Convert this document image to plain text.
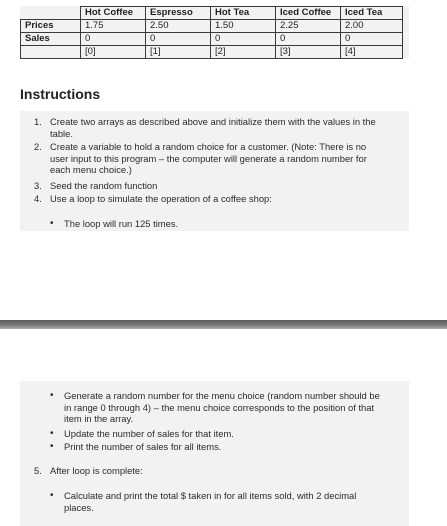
	Hot Coffee	Espresso	Hot Tea	Iced Coffee	Iced Tea
Prices	1.75	2.50	1.50	2.25	2.00
Sales	0	0	0	0	0
	[0]	[1]	[2]	[3]	[4]
Instructions
1. Create two arrays as described above and initialize them with the values in the
table.
2. Create a variable to hold a random choice for a customer. (Note: There is no
user input to this program – the computer will generate a random number for
each menu choice.)
3. Seed the random function
4. Use a loop to simulate the operation of a coffee shop:
• The loop will run 125 times.
• Generate a random number for the menu choice (random number should be
in range 0 through 4) – the menu choice corresponds to the position of that
item in the array.
• Update the number of sales for that item.
• Print the number of sales for all items.
5. After loop is complete:
• Calculate and print the total $ taken in for all items sold, with 2 decimal
places.
